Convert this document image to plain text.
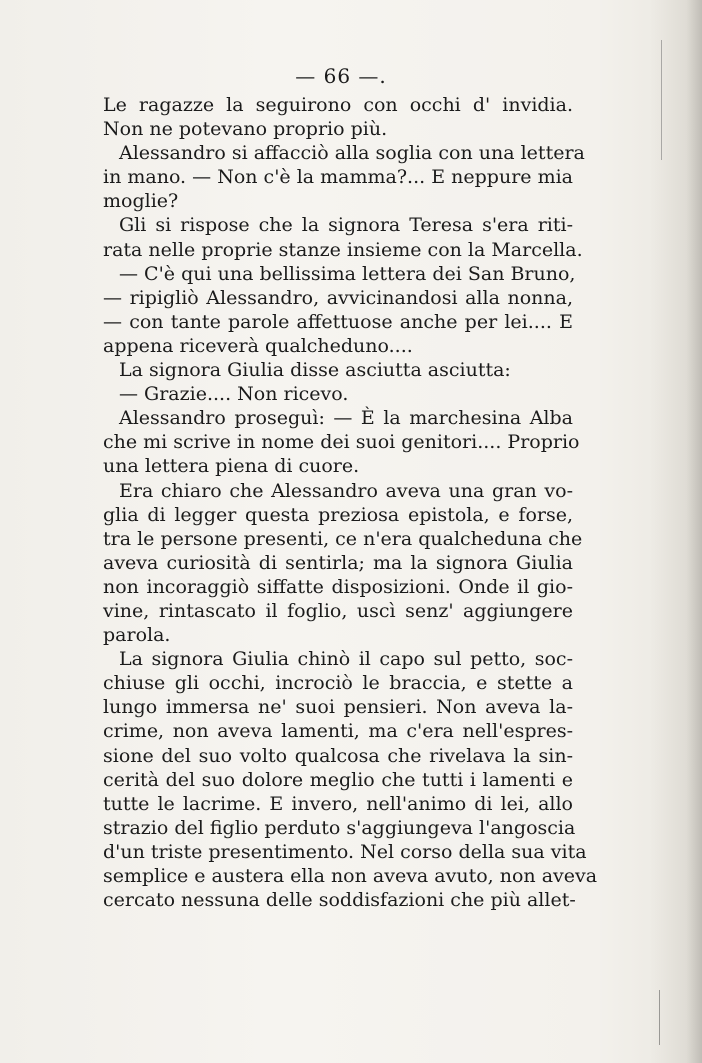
— 66 —.
Le ragazze la seguirono con occhi d' invidia.
Non ne potevano proprio più.
Alessandro si affacciò alla soglia con una lettera
in mano. — Non c'è la mamma?... E neppure mia
moglie?
Gli si rispose che la signora Teresa s'era riti-
rata nelle proprie stanze insieme con la Marcella.
— C'è qui una bellissima lettera dei San Bruno,
— ripigliò Alessandro, avvicinandosi alla nonna,
— con tante parole affettuose anche per lei.... E
appena riceverà qualcheduno....
La signora Giulia disse asciutta asciutta:
— Grazie.... Non ricevo.
Alessandro proseguì: — È la marchesina Alba
che mi scrive in nome dei suoi genitori.... Proprio
una lettera piena di cuore.
Era chiaro che Alessandro aveva una gran vo-
glia di legger questa preziosa epistola, e forse,
tra le persone presenti, ce n'era qualcheduna che
aveva curiosità di sentirla; ma la signora Giulia
non incoraggiò siffatte disposizioni. Onde il gio-
vine, rintascato il foglio, uscì senz' aggiungere
parola.
La signora Giulia chinò il capo sul petto, soc-
chiuse gli occhi, incrociò le braccia, e stette a
lungo immersa ne' suoi pensieri. Non aveva la-
crime, non aveva lamenti, ma c'era nell'espres-
sione del suo volto qualcosa che rivelava la sin-
cerità del suo dolore meglio che tutti i lamenti e
tutte le lacrime. E invero, nell'animo di lei, allo
strazio del figlio perduto s'aggiungeva l'angoscia
d'un triste presentimento. Nel corso della sua vita
semplice e austera ella non aveva avuto, non aveva
cercato nessuna delle soddisfazioni che più allet-
